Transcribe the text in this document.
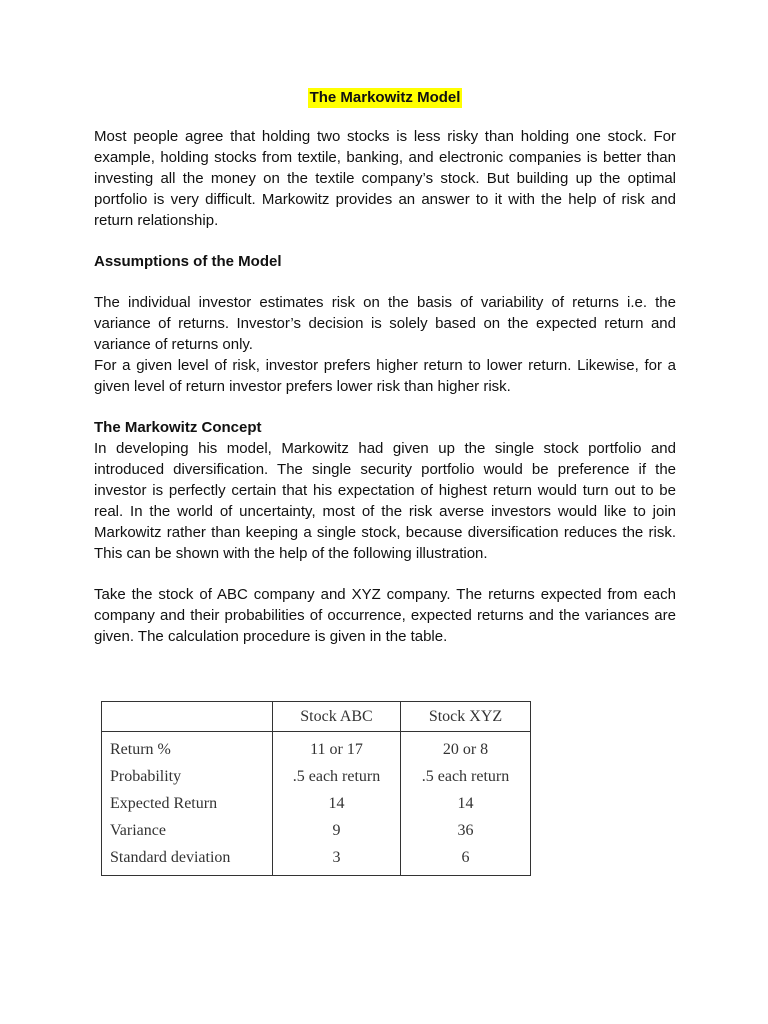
The Markowitz Model

Most people agree that holding two stocks is less risky than holding one stock. For example, holding stocks from textile, banking, and electronic companies is better than investing all the money on the textile company’s stock. But building up the optimal portfolio is very difficult. Markowitz provides an answer to it with the help of risk and return relationship.

Assumptions of the Model

The individual investor estimates risk on the basis of variability of returns i.e. the variance of returns. Investor’s decision is solely based on the expected return and variance of returns only.

For a given level of risk, investor prefers higher return to lower return. Likewise, for a given level of return investor prefers lower risk than higher risk.

The Markowitz Concept

In developing his model, Markowitz had given up the single stock portfolio and introduced diversification. The single security portfolio would be preference if the investor is perfectly certain that his expectation of highest return would turn out to be real. In the world of uncertainty, most of the risk averse investors would like to join Markowitz rather than keeping a single stock, because diversification reduces the risk. This can be shown with the help of the following illustration.

Take the stock of ABC company and XYZ company. The returns expected from each company and their probabilities of occurrence, expected returns and the variances are given. The calculation procedure is given in the table.

	Stock ABC	Stock XYZ
Return %	11 or 17	20 or 8
Probability	.5 each return	.5 each return
Expected Return	14	14
Variance	9	36
Standard deviation	3	6
